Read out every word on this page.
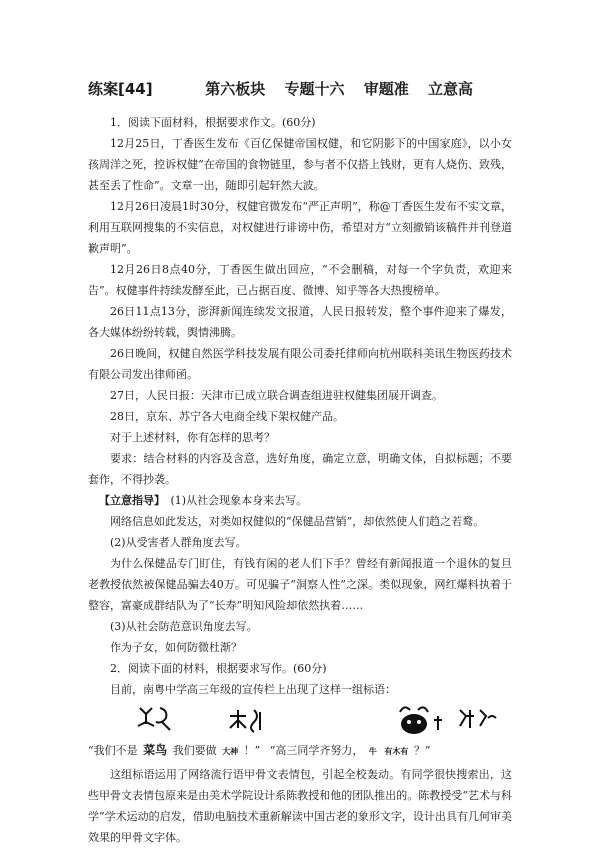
练案[44]	第六板块 专题十六 审题准 立意高

1．阅读下面材料，根据要求作文。(60分)

12月25日，丁香医生发布《百亿保健帝国权健，和它阴影下的中国家庭》，以小女孩周洋之死，控诉权健“在帝国的食物链里，参与者不仅搭上钱财，更有人烧伤、致残，甚至丢了性命”。文章一出，随即引起轩然大波。

12月26日凌晨1时30分，权健官微发布“严正声明”，称@丁香医生发布不实文章，利用互联网搜集的不实信息，对权健进行诽谤中伤，希望对方“立刻撤销该稿件并刊登道歉声明”。

12月26日8点40分，丁香医生做出回应，“不会删稿，对每一个字负责，欢迎来告”。权健事件持续发酵至此，已占据百度、微博、知乎等各大热搜榜单。

26日11点13分，澎湃新闻连续发文报道，人民日报转发，整个事件迎来了爆发，各大媒体纷纷转载，舆情沸腾。

26日晚间，权健自然医学科技发展有限公司委托律师向杭州联科美讯生物医药技术有限公司发出律师函。

27日，人民日报：天津市已成立联合调查组进驻权健集团展开调查。

28日，京东、苏宁各大电商全线下架权健产品。

对于上述材料，你有怎样的思考？

要求：结合材料的内容及含意，选好角度，确定立意，明确文体，自拟标题；不要套作，不得抄袭。

【立意指导】　 (1)从社会现象本身来去写。

网络信息如此发达，对类如权健似的“保健品营销”，却依然使人们趋之若鹜。

(2)从受害者人群角度去写。

为什么保健品专门盯住，有钱有闲的老人们下手？曾经有新闻报道一个退休的复旦老教授依然被保健品骗去40万。可见骗子“洞察人性”之深。类似现象，网红爆料执着于整容，富豪成群结队为了“长寿”明知风险却依然执着……

(3)从社会防范意识角度去写。

作为子女，如何防微杜渐？

2．阅读下面的材料，根据要求写作。(60分)

目前，南粤中学高三年级的宣传栏上出现了这样一组标语：

“我们不是 菜鸟 我们要做 大神 ！” “高三同学齐努力， 牛 有木有 ？”

这组标语运用了网络流行语甲骨文表情包，引起全校轰动。有同学很快搜索出，这些甲骨文表情包原来是由美术学院设计系陈教授和他的团队推出的。陈教授受“艺术与科学”学术运动的启发，借助电脑技术重新解读中国古老的象形文字，设计出具有几何审美效果的甲骨文字体。
